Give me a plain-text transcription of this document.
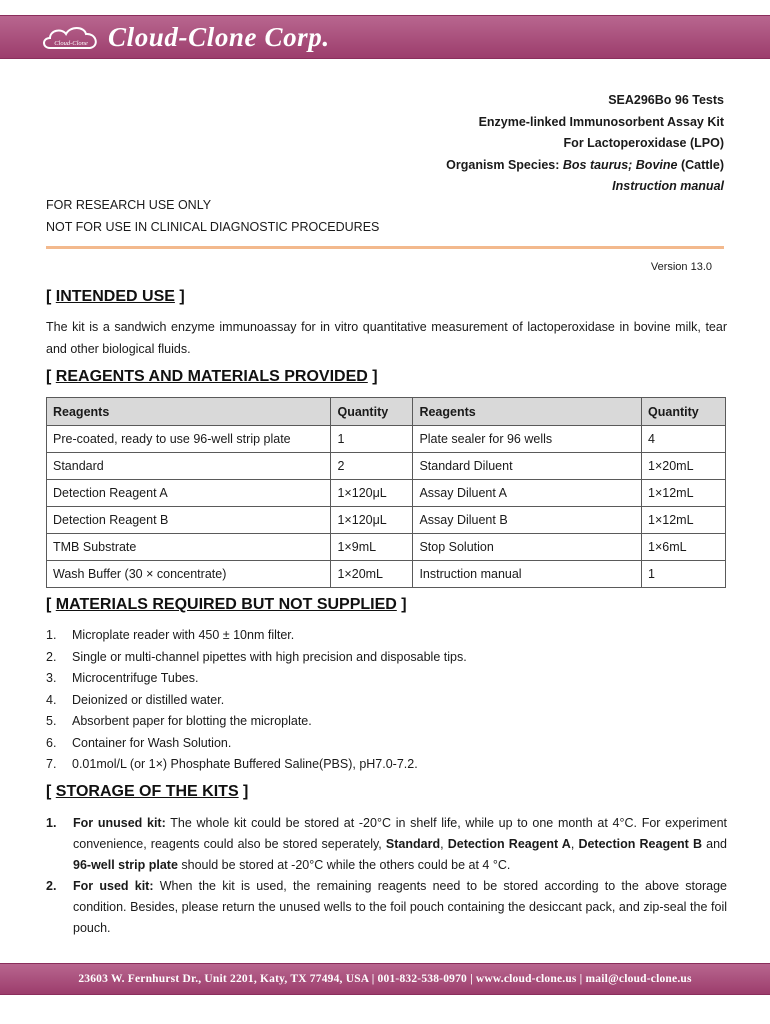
Cloud-Clone Cloud-Clone Corp.
SEA296Bo 96 Tests
Enzyme-linked Immunosorbent Assay Kit
For Lactoperoxidase (LPO)
Organism Species: Bos taurus; Bovine (Cattle)
Instruction manual
FOR RESEARCH USE ONLY
NOT FOR USE IN CLINICAL DIAGNOSTIC PROCEDURES
Version 13.0
[ INTENDED USE ]
The kit is a sandwich enzyme immunoassay for in vitro quantitative measurement of lactoperoxidase in bovine milk, tear and other biological fluids.
[ REAGENTS AND MATERIALS PROVIDED ]
Reagents	Quantity	Reagents	Quantity
Pre-coated, ready to use 96-well strip plate	1	Plate sealer for 96 wells	4
Standard	2	Standard Diluent	1×20mL
Detection Reagent A	1×120μL	Assay Diluent A	1×12mL
Detection Reagent B	1×120μL	Assay Diluent B	1×12mL
TMB Substrate	1×9mL	Stop Solution	1×6mL
Wash Buffer (30 × concentrate)	1×20mL	Instruction manual	1
[ MATERIALS REQUIRED BUT NOT SUPPLIED ]
1. Microplate reader with 450 ± 10nm filter.
2. Single or multi-channel pipettes with high precision and disposable tips.
3. Microcentrifuge Tubes.
4. Deionized or distilled water.
5. Absorbent paper for blotting the microplate.
6. Container for Wash Solution.
7. 0.01mol/L (or 1×) Phosphate Buffered Saline(PBS), pH7.0-7.2.
[ STORAGE OF THE KITS ]
1. For unused kit: The whole kit could be stored at -20°C in shelf life, while up to one month at 4°C. For experiment convenience, reagents could also be stored seperately, Standard, Detection Reagent A, Detection Reagent B and 96-well strip plate should be stored at -20°C while the others could be at 4 °C.
2. For used kit: When the kit is used, the remaining reagents need to be stored according to the above storage condition. Besides, please return the unused wells to the foil pouch containing the desiccant pack, and zip-seal the foil pouch.
23603 W. Fernhurst Dr., Unit 2201, Katy, TX 77494, USA | 001-832-538-0970 | www.cloud-clone.us | mail@cloud-clone.us
